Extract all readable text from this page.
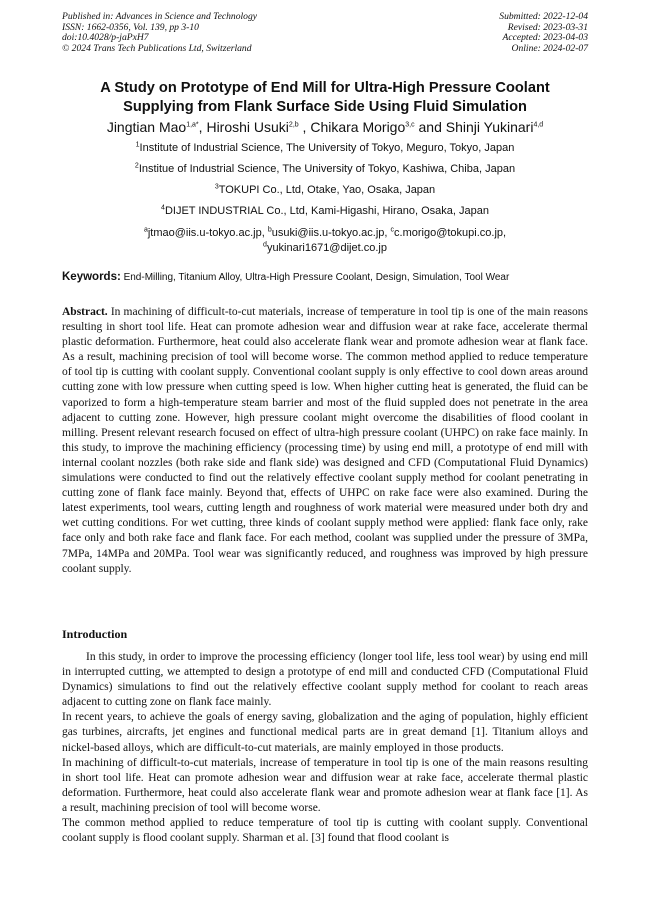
Published in: Advances in Science and Technology
ISSN: 1662-0356, Vol. 139, pp 3-10
doi:10.4028/p-jaPxH7
© 2024 Trans Tech Publications Ltd, Switzerland
Submitted: 2022-12-04
Revised: 2023-03-31
Accepted: 2023-04-03
Online: 2024-02-07
A Study on Prototype of End Mill for Ultra-High Pressure Coolant
Supplying from Flank Surface Side Using Fluid Simulation
Jingtian Mao$^{1,a*}$, Hiroshi Usuki$^{2,b}$ , Chikara Morigo$^{3,c}$ and Shinji Yukinari$^{4,d}$
$^1$Institute of Industrial Science, The University of Tokyo, Meguro, Tokyo, Japan
$^2$Institue of Industrial Science, The University of Tokyo, Kashiwa, Chiba, Japan
$^3$TOKUPI Co., Ltd, Otake, Yao, Osaka, Japan
$^4$DIJET INDUSTRIAL Co., Ltd, Kami-Higashi, Hirano, Osaka, Japan
$^a$jtmao@iis.u-tokyo.ac.jp, $^b$usuki@iis.u-tokyo.ac.jp, $^c$c.morigo@tokupi.co.jp,
$^d$yukinari1671@dijet.co.jp
Keywords: End-Milling, Titanium Alloy, Ultra-High Pressure Coolant, Design, Simulation, Tool Wear
Abstract. In machining of difficult-to-cut materials, increase of temperature in tool tip is one of the main reasons resulting in short tool life. Heat can promote adhesion wear and diffusion wear at rake face, accelerate thermal plastic deformation. Furthermore, heat could also accelerate flank wear and promote adhesion wear at flank face. As a result, machining precision of tool will become worse. The common method applied to reduce temperature of tool tip is cutting with coolant supply. Conventional coolant supply is only effective to cool down areas around cutting zone with low pressure when cutting speed is low. When higher cutting heat is generated, the fluid can be vaporized to form a high-temperature steam barrier and most of the fluid suppled does not penetrate in the area adjacent to cutting zone. However, high pressure coolant might overcome the disabilities of flood coolant in milling. Present relevant research focused on effect of ultra-high pressure coolant (UHPC) on rake face mainly. In this study, to improve the machining efficiency (processing time) by using end mill, a prototype of end mill with internal coolant nozzles (both rake side and flank side) was designed and CFD (Computational Fluid Dynamics) simulations were conducted to find out the relatively effective coolant supply method for coolant penetrating in cutting zone of flank face mainly. Beyond that, effects of UHPC on rake face were also examined. During the latest experiments, tool wears, cutting length and roughness of work material were measured under both dry and wet cutting conditions. For wet cutting, three kinds of coolant supply method were applied: flank face only, rake face only and both rake face and flank face. For each method, coolant was supplied under the pressure of 3MPa, 7MPa, 14MPa and 20MPa. Tool wear was significantly reduced, and roughness was improved by high pressure coolant supply.
Introduction

In this study, in order to improve the processing efficiency (longer tool life, less tool wear) by using end mill in interrupted cutting, we attempted to design a prototype of end mill and conducted CFD (Computational Fluid Dynamics) simulations to find out the relatively effective coolant supply method for coolant to reach areas adjacent to cutting zone on flank face mainly.

In recent years, to achieve the goals of energy saving, globalization and the aging of population, highly efficient gas turbines, aircrafts, jet engines and functional medical parts are in great demand [1]. Titanium alloys and nickel-based alloys, which are difficult-to-cut materials, are mainly employed in those products.

In machining of difficult-to-cut materials, increase of temperature in tool tip is one of the main reasons resulting in short tool life. Heat can promote adhesion wear and diffusion wear at rake face, accelerate thermal plastic deformation. Furthermore, heat could also accelerate flank wear and promote adhesion wear at flank face [1]. As a result, machining precision of tool will become worse.

The common method applied to reduce temperature of tool tip is cutting with coolant supply. Conventional coolant supply is flood coolant supply. Sharman et al. [3] found that flood coolant is
